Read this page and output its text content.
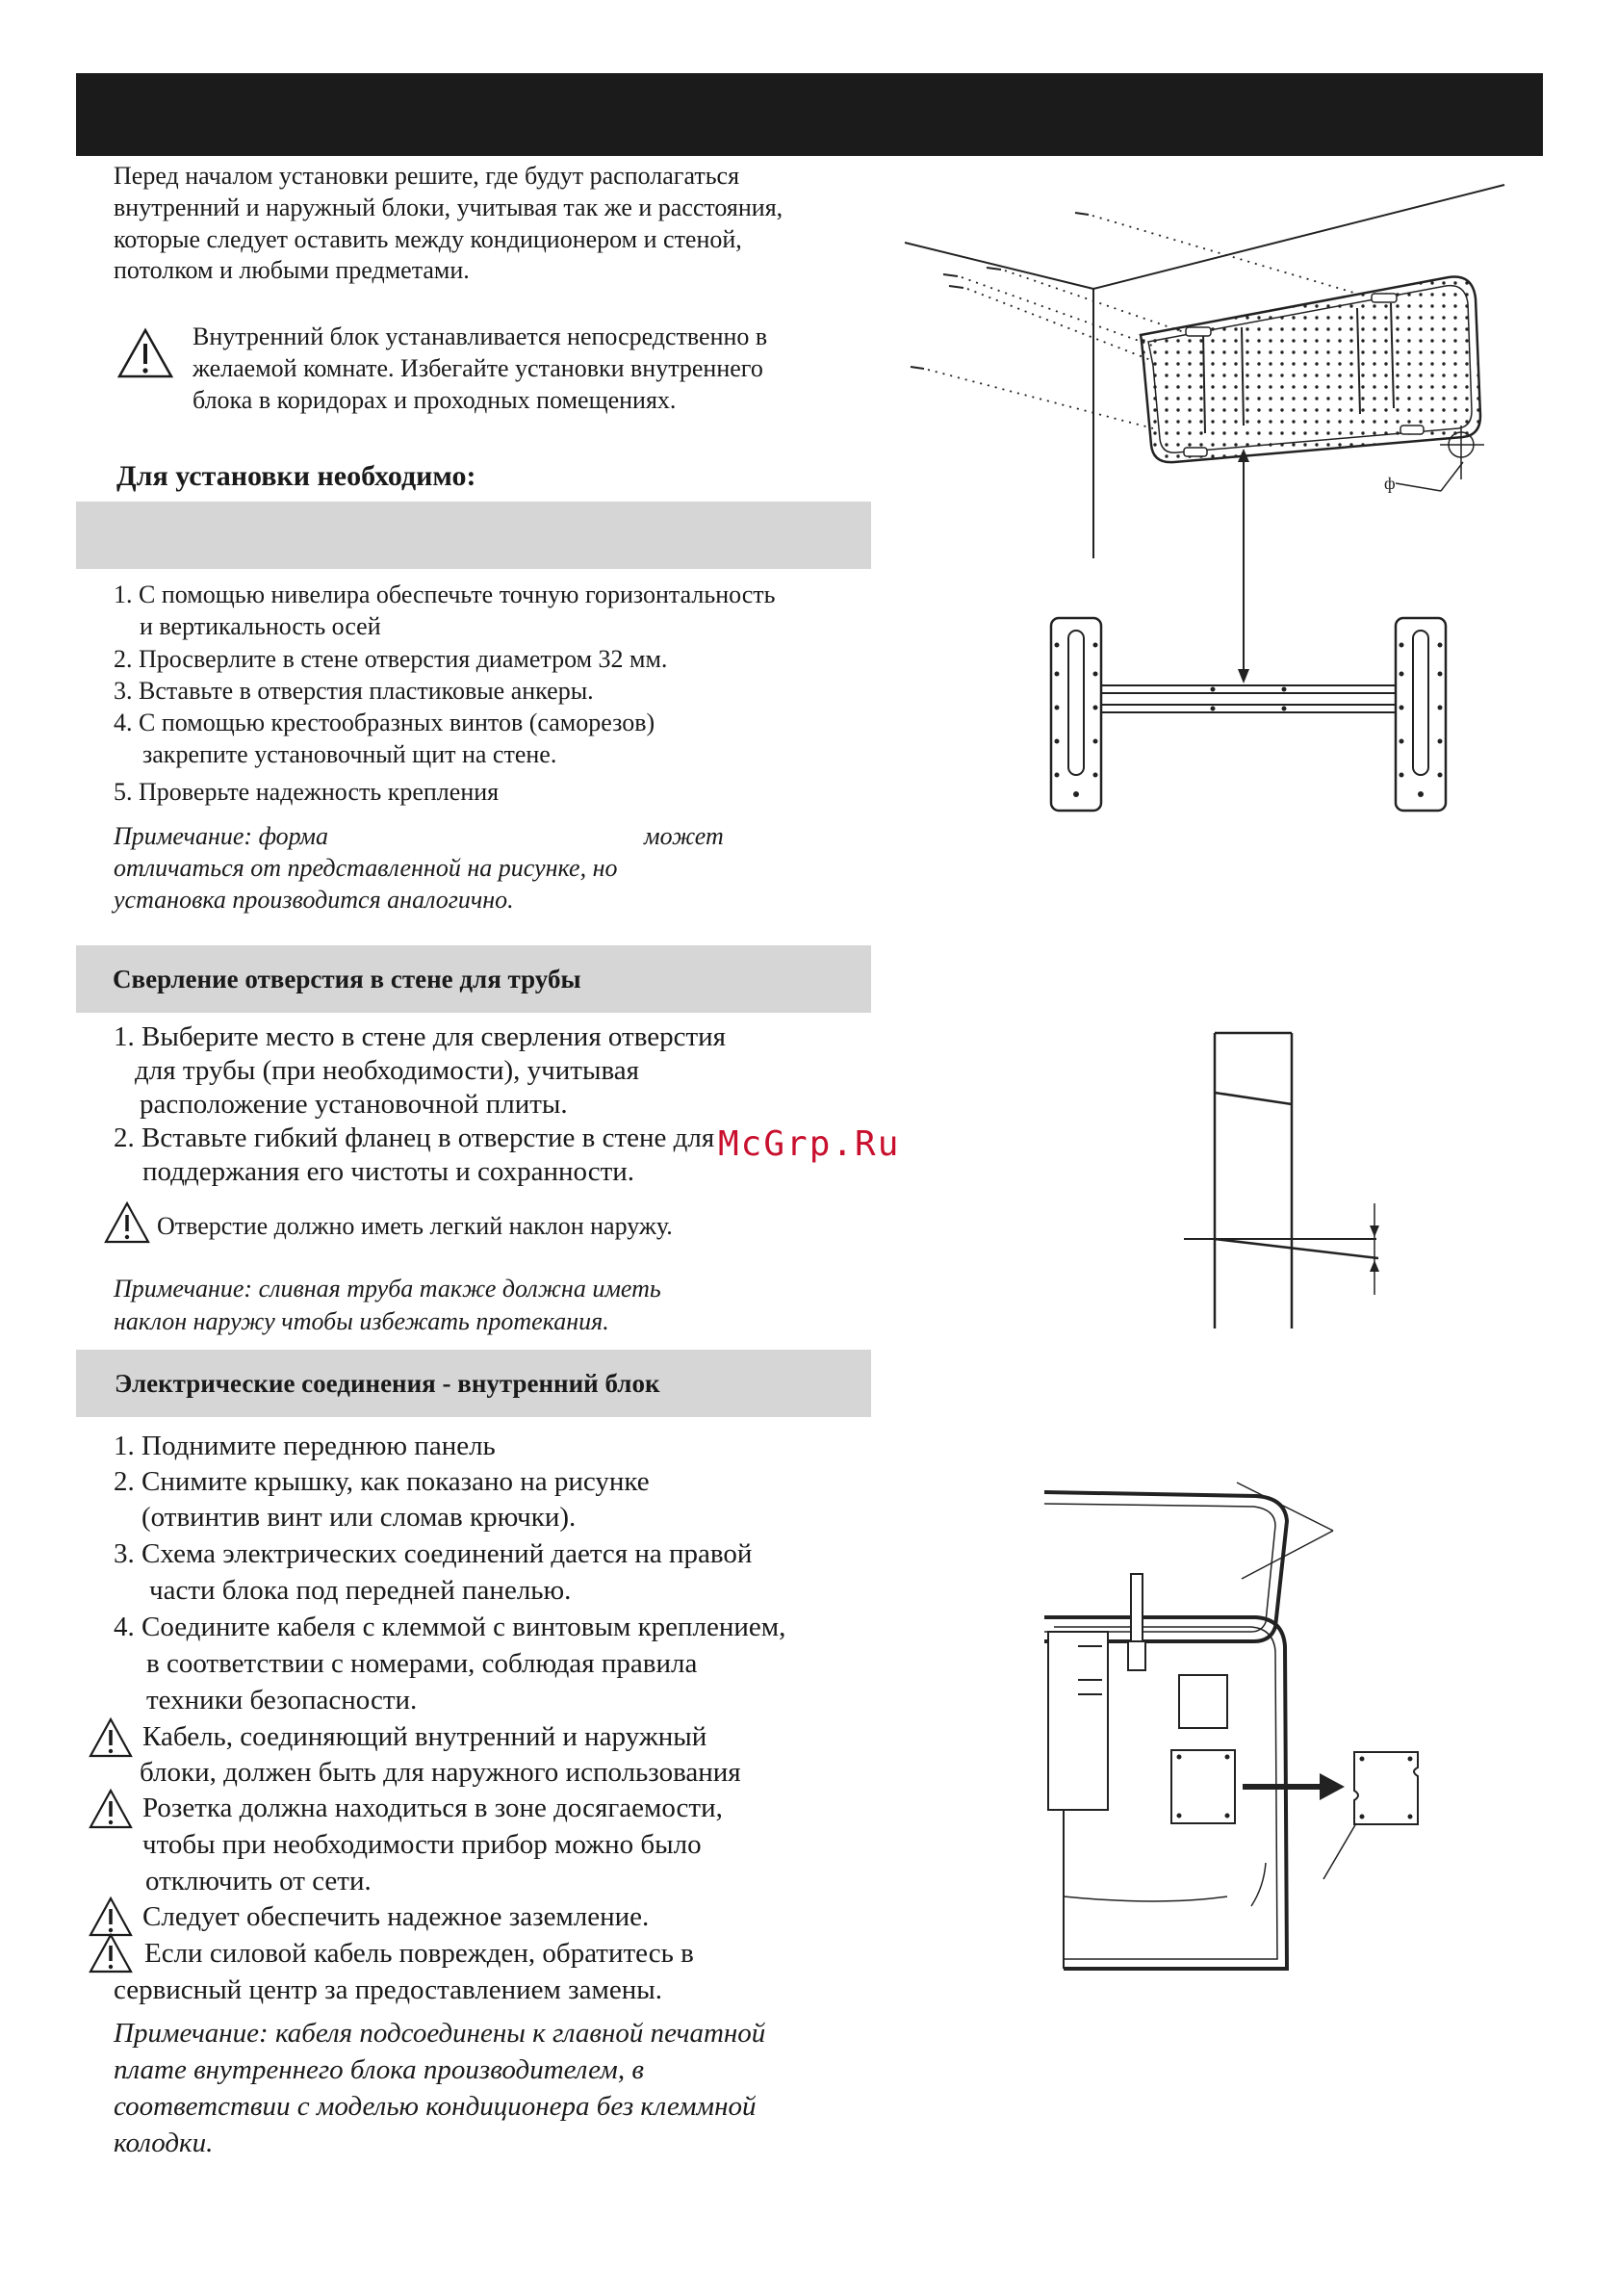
Перед началом установки решите, где будут располагаться
внутренний и наружный блоки, учитывая так же и расстояния,
которые следует оставить между кондиционером и стеной,
потолком и любыми предметами.
Внутренний блок устанавливается непосредственно в
желаемой комнате. Избегайте установки внутреннего
блока в коридорах и проходных помещениях.
Для установки необходимо:
1. С помощью нивелира обеспечьте точную горизонтальность
и вертикальность осей
2. Просверлите в стене отверстия диаметром 32 мм.
3. Вставьте в отверстия пластиковые анкеры.
4. С помощью крестообразных винтов (саморезов)
закрепите установочный щит на стене.
5. Проверьте надежность крепления
Примечание: форма	может
отличаться от представленной на рисунке, но
установка производится аналогично.
Сверление отверстия в стене для трубы
1. Выберите место в стене для сверления отверстия
для трубы (при необходимости), учитывая
расположение установочной плиты.
2. Вставьте гибкий фланец в отверстие в стене для
поддержания его чистоты и сохранности.
Отверстие должно иметь легкий наклон наружу.
Примечание: сливная труба также должна иметь
наклон наружу чтобы избежать протекания.
Электрические соединения - внутренний блок
1. Поднимите переднюю панель
2. Снимите крышку, как показано на рисунке
(отвинтив винт или сломав крючки).
3. Схема электрических соединений дается на правой
части блока под передней панелью.
4. Соедините кабеля с клеммой с винтовым креплением,
в соответствии с номерами, соблюдая правила
техники безопасности.
Кабель, соединяющий внутренний и наружный
блоки, должен быть для наружного использования
Розетка должна находиться в зоне досягаемости,
чтобы при необходимости прибор можно было
отключить от сети.
Следует обеспечить надежное заземление.
Если силовой кабель поврежден, обратитесь в
сервисный центр за предоставлением замены.
Примечание: кабеля подсоединены к главной печатной
плате внутреннего блока производителем, в
соответствии с моделью кондиционера без клеммной
колодки.
ф
McGrp.Ru
